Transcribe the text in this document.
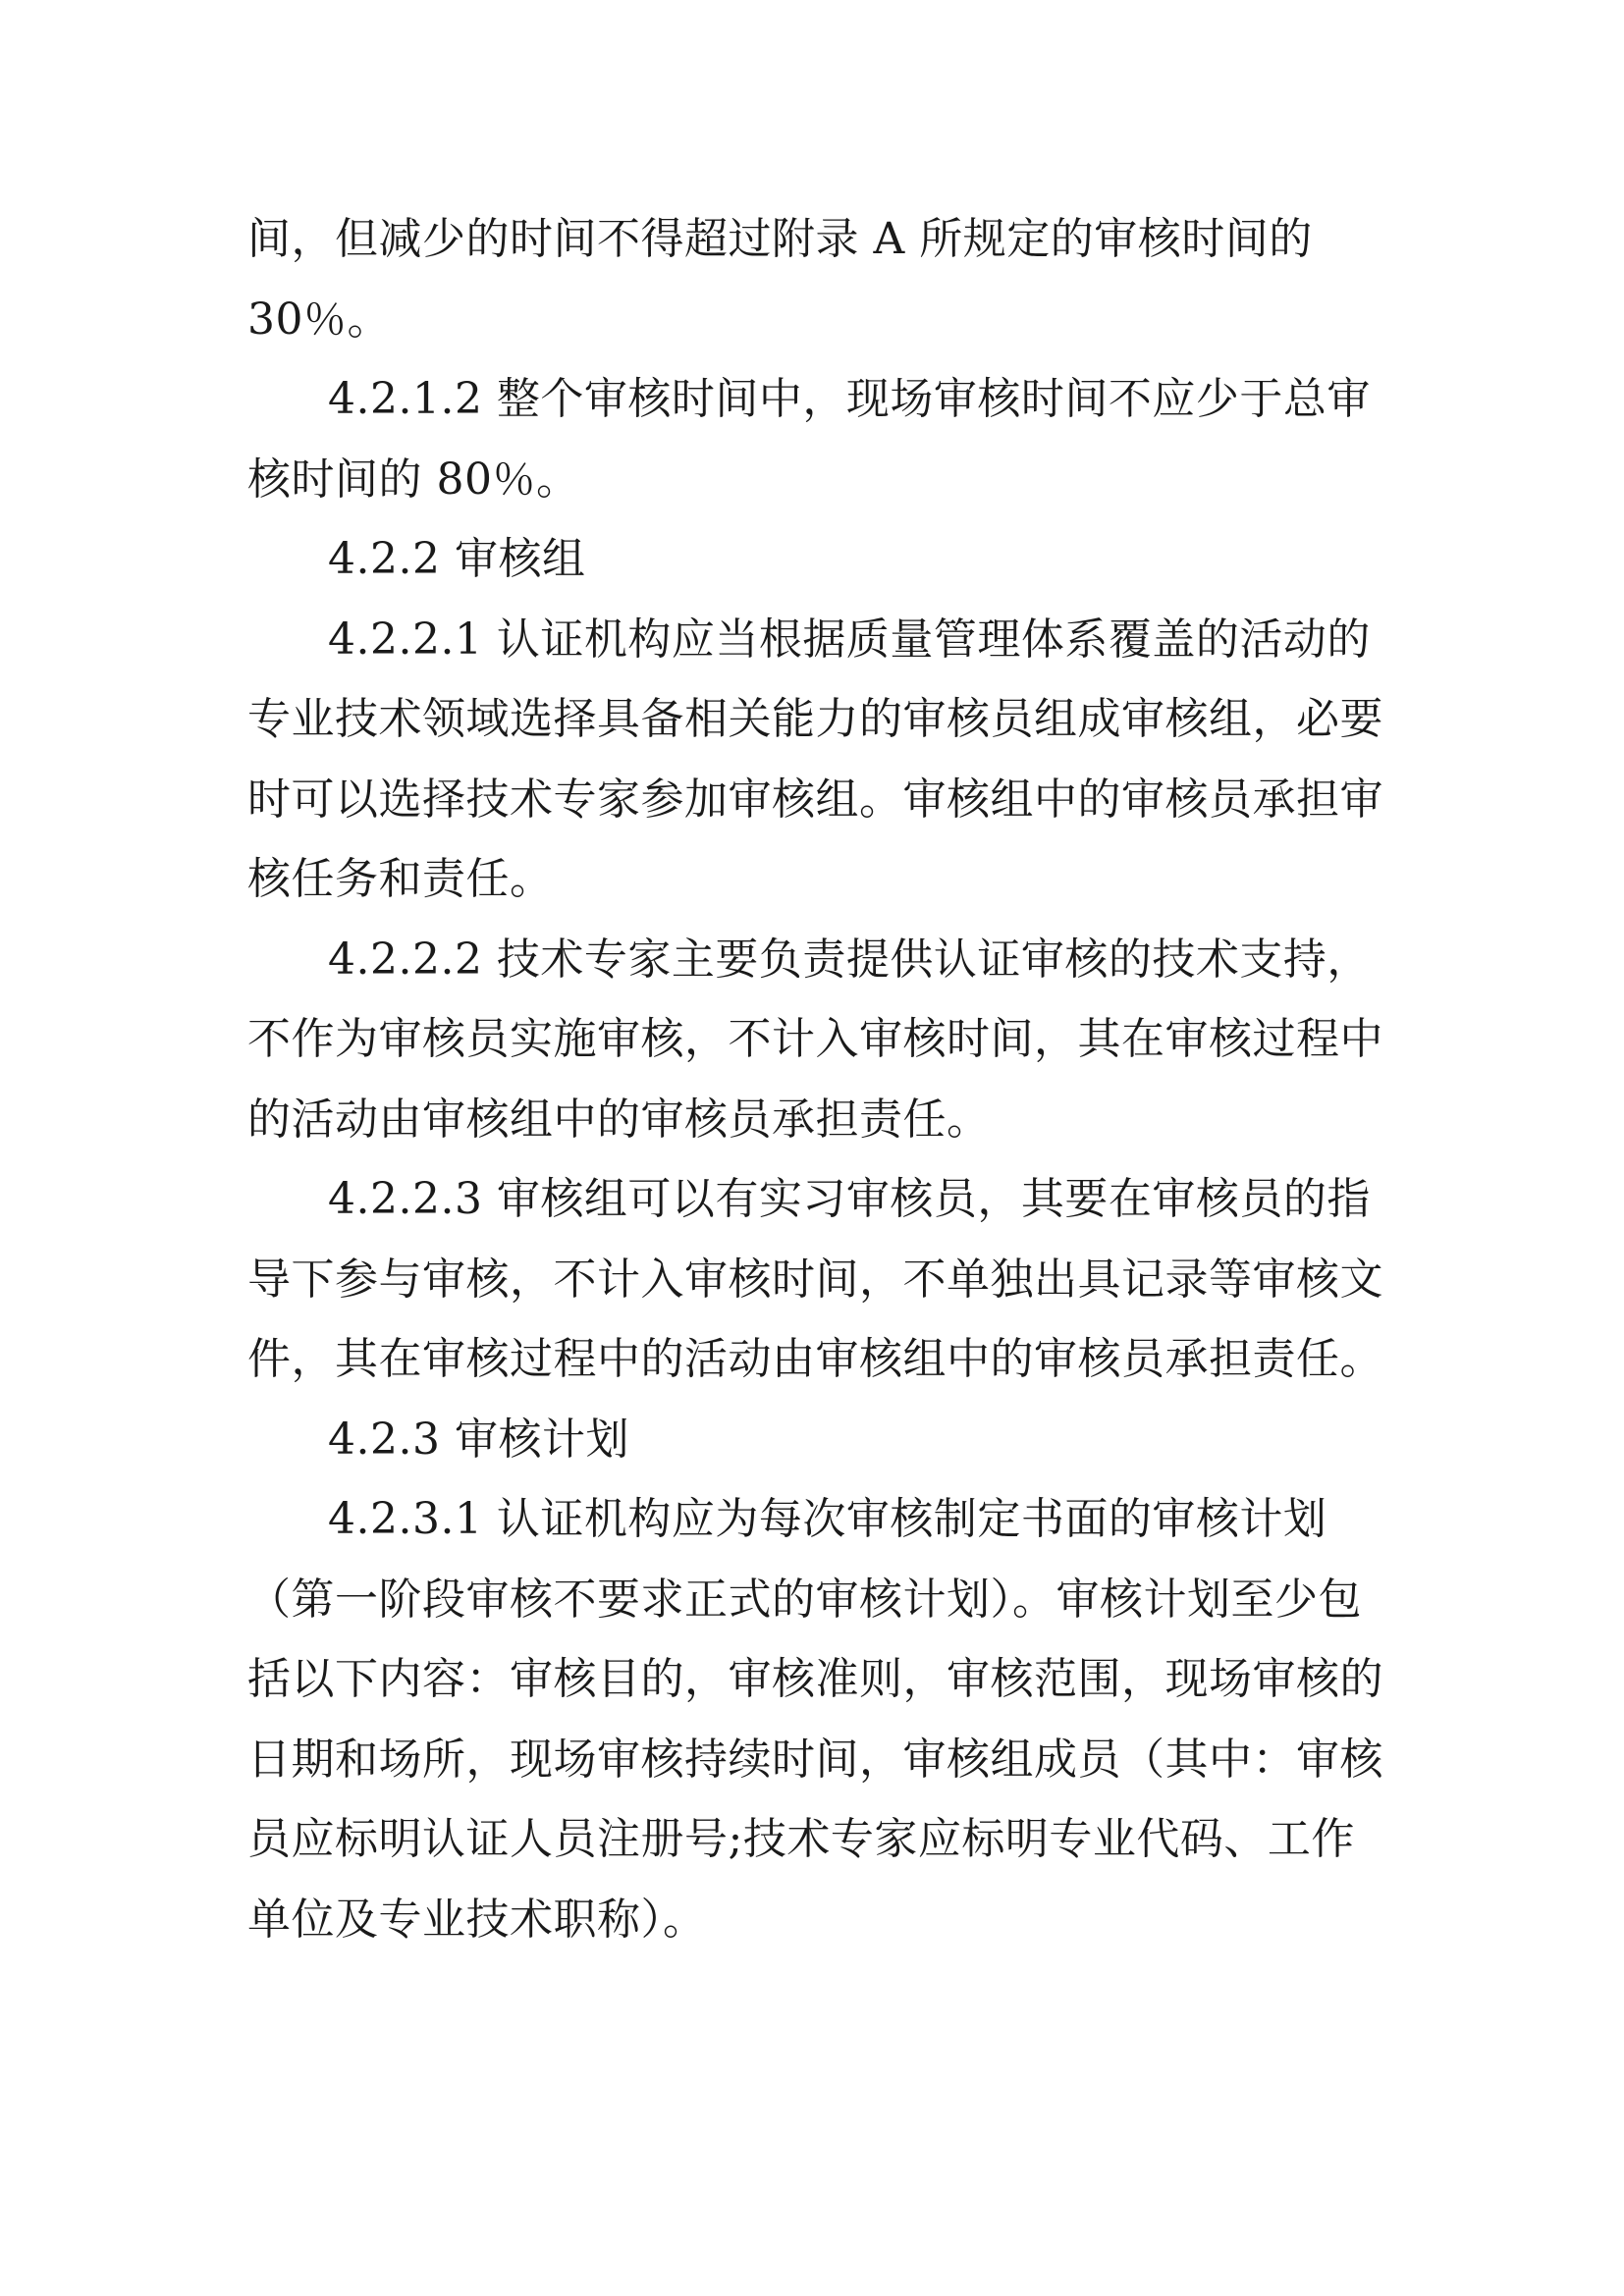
间，但减少的时间不得超过附录 A 所规定的审核时间的
30％。
4.2.1.2 整个审核时间中，现场审核时间不应少于总审
核时间的 80％。
4.2.2 审核组
4.2.2.1 认证机构应当根据质量管理体系覆盖的活动的
专业技术领域选择具备相关能力的审核员组成审核组，必要
时可以选择技术专家参加审核组。审核组中的审核员承担审
核任务和责任。
4.2.2.2 技术专家主要负责提供认证审核的技术支持，
不作为审核员实施审核，不计入审核时间，其在审核过程中
的活动由审核组中的审核员承担责任。
4.2.2.3 审核组可以有实习审核员，其要在审核员的指
导下参与审核，不计入审核时间，不单独出具记录等审核文
件，其在审核过程中的活动由审核组中的审核员承担责任。
4.2.3 审核计划
4.2.3.1 认证机构应为每次审核制定书面的审核计划
（第一阶段审核不要求正式的审核计划）。审核计划至少包
括以下内容：审核目的，审核准则，审核范围，现场审核的
日期和场所，现场审核持续时间，审核组成员（其中：审核
员应标明认证人员注册号;技术专家应标明专业代码、工作
单位及专业技术职称）。
